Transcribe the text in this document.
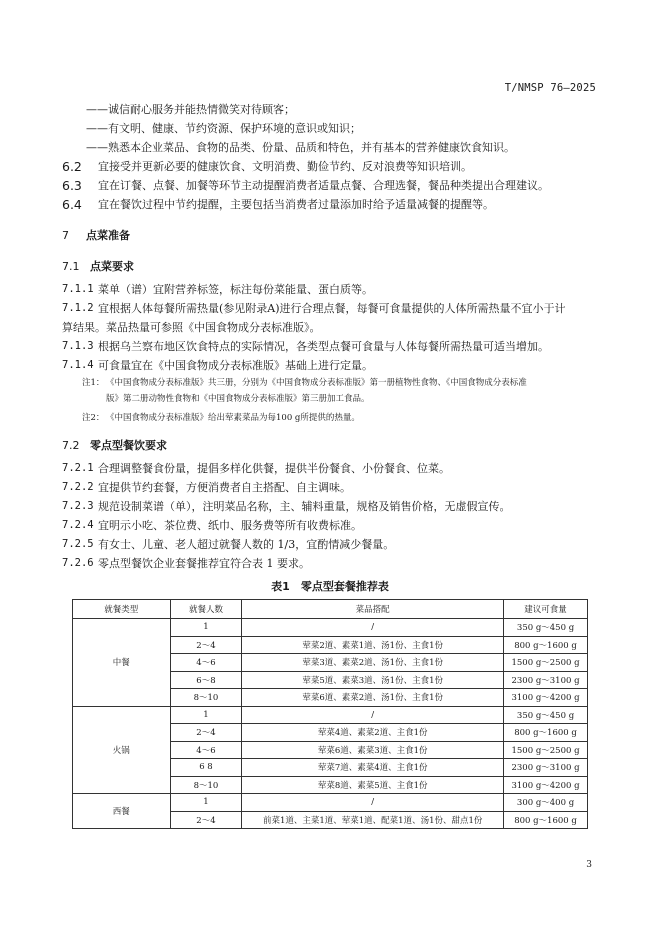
T/NMSP 76—2025
——诚信耐心服务并能热情微笑对待顾客；
——有文明、健康、节约资源、保护环境的意识或知识；
——熟悉本企业菜品、食物的品类、份量、品质和特色，并有基本的营养健康饮食知识。
6.2 宜接受并更新必要的健康饮食、文明消费、勤俭节约、反对浪费等知识培训。
6.3 宜在订餐、点餐、加餐等环节主动提醒消费者适量点餐、合理选餐，餐品种类提出合理建议。
6.4 宜在餐饮过程中节约提醒，主要包括当消费者过量添加时给予适量减餐的提醒等。
7 点菜准备
7.1 点菜要求
7.1.1 菜单（谱）宜附营养标签，标注每份菜能量、蛋白质等。
7.1.2 宜根据人体每餐所需热量(参见附录A)进行合理点餐，每餐可食量提供的人体所需热量不宜小于计
算结果。菜品热量可参照《中国食物成分表标准版》。
7.1.3 根据乌兰察布地区饮食特点的实际情况，各类型点餐可食量与人体每餐所需热量可适当增加。
7.1.4 可食量宜在《中国食物成分表标准版》基础上进行定量。
注1： 《中国食物成分表标准版》共三册，分别为《中国食物成分表标准版》第一册植物性食物、《中国食物成分表标准
版》第二册动物性食物和《中国食物成分表标准版》第三册加工食品。
注2： 《中国食物成分表标准版》给出荤素菜品为每100 g所提供的热量。
7.2 零点型餐饮要求
7.2.1 合理调整餐食份量，提倡多样化供餐，提供半份餐食、小份餐食、位菜。
7.2.2 宜提供节约套餐，方便消费者自主搭配、自主调味。
7.2.3 规范设制菜谱（单），注明菜品名称，主、辅料重量，规格及销售价格，无虚假宣传。
7.2.4 宜明示小吃、茶位费、纸巾、服务费等所有收费标准。
7.2.5 有女士、儿童、老人超过就餐人数的 1/3，宜酌情减少餐量。
7.2.6 零点型餐饮企业套餐推荐宜符合表 1 要求。
表1　零点型套餐推荐表
就餐类型	就餐人数	菜品搭配	建议可食量
中餐	1	/	350 g～450 g
	2～4	荤菜2道、素菜1道、汤1份、主食1份	800 g～1600 g
	4～6	荤菜3道、素菜2道、汤1份、主食1份	1500 g～2500 g
	6～8	荤菜5道、素菜3道、汤1份、主食1份	2300 g～3100 g
	8～10	荤菜6道、素菜2道、汤1份、主食1份	3100 g～4200 g
火锅	1	/	350 g～450 g
	2～4	荤菜4道、素菜2道、主食1份	800 g～1600 g
	4～6	荤菜6道、素菜3道、主食1份	1500 g～2500 g
	6 8	荤菜7道、素菜4道、主食1份	2300 g～3100 g
	8～10	荤菜8道、素菜5道、主食1份	3100 g～4200 g
西餐	1	/	300 g～400 g
	2～4	前菜1道、主菜1道、荤菜1道、配菜1道、汤1份、甜点1份	800 g～1600 g
3
